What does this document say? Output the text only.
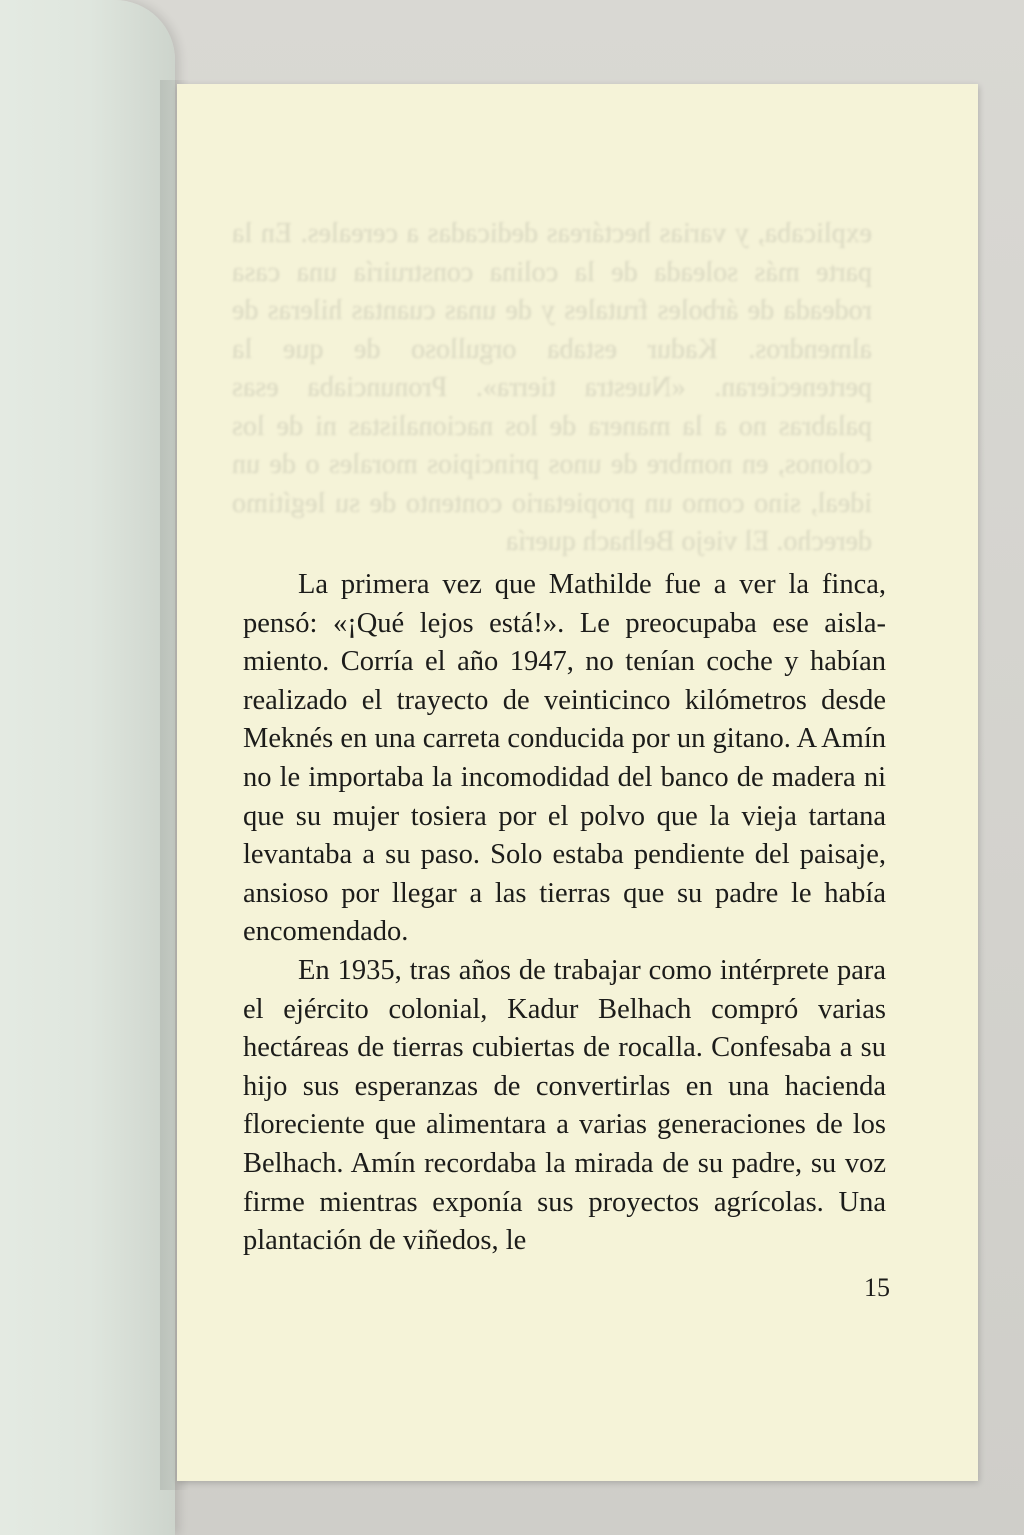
explicaba, y varias hectáreas dedicadas a cereales. En la parte más soleada de la colina construiría una casa rodeada de árboles frutales y de unas cuantas hileras de almendros. Kadur estaba orgulloso de que la pertenecieran. «Nuestra tierra». Pronunciaba esas palabras no a la manera de los nacionalistas ni de los colonos, en nombre de unos principios morales o de un ideal, sino como un propietario contento de su legítimo derecho. El viejo Belhach quería

La primera vez que Mathilde fue a ver la finca, pensó: «¡Qué lejos está!». Le preocupaba ese aislamiento. Corría el año 1947, no tenían coche y habían realizado el trayecto de veinticinco kilómetros desde Meknés en una carreta conducida por un gitano. A Amín no le importaba la incomodidad del banco de madera ni que su mujer tosiera por el polvo que la vieja tartana levantaba a su paso. Solo estaba pendiente del paisaje, ansioso por llegar a las tierras que su padre le había encomendado.

En 1935, tras años de trabajar como intérprete para el ejército colonial, Kadur Belhach compró varias hectáreas de tierras cubiertas de rocalla. Confesaba a su hijo sus esperanzas de convertirlas en una hacienda floreciente que alimentara a varias generaciones de los Belhach. Amín recordaba la mirada de su padre, su voz firme mientras exponía sus proyectos agrícolas. Una plantación de viñedos, le

15
